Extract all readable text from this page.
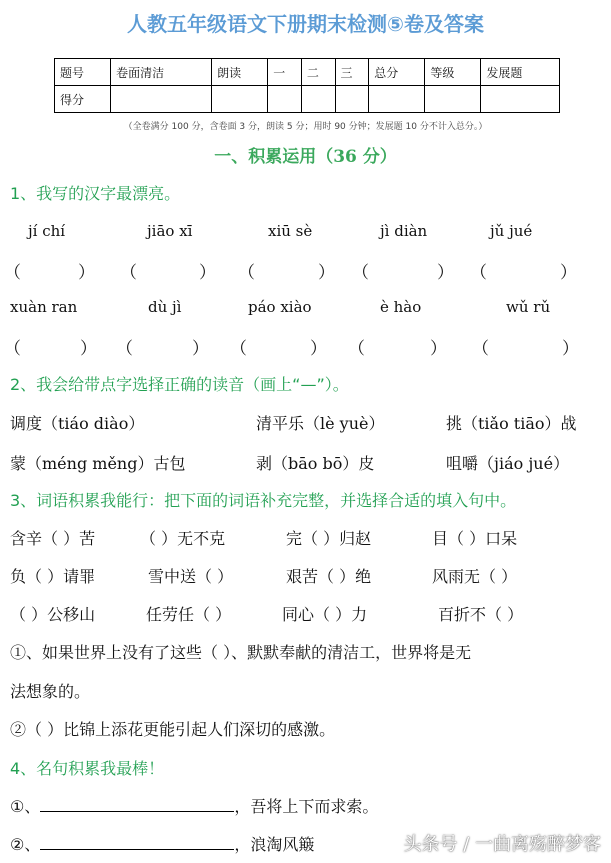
人教五年级语文下册期末检测⑤卷及答案
题号	卷面清洁	朗读	一	二	三	总分	等级	发展题
得分								
（全卷满分 100 分，含卷面 3 分，朗读 5 分；用时 90 分钟；发展题 10 分不计入总分。）
一、积累运用（36 分）
1、我写的汉字最漂亮。
jí chí	jiāo xī	xiū sè	jì diàn	jǔ jué
（	） （	） （	） （	） （	）
xuàn ran	dù jì	páo xiào	è hào	wǔ rǔ
（	） （	） （	） （	） （	）
2、我会给带点字选择正确的读音（画上“—”）。
调度（tiáo diào）	清平乐（lè yuè）	挑（tiǎo tiāo）战
蒙（méng měng）古包	剥（bāo bō）皮	咀嚼（jiáo jué）
3、词语积累我能行：把下面的词语补充完整，并选择合适的填入句中。
含辛（ ）苦	（ ）无不克	完（ ）归赵	目（ ）口呆
负（ ）请罪	雪中送（ ）	艰苦（ ）绝	风雨无（ ）
（ ）公移山	任劳任（ ）	同心（ ）力	百折不（ ）
①、如果世界上没有了这些（ ）、默默奉献的清洁工，世界将是无
法想象的。
②（ ）比锦上添花更能引起人们深切的感激。
4、名句积累我最棒！
①、	，吾将上下而求索。
②、	，浪淘风簸	头条号 / 一曲离殇醉梦客
